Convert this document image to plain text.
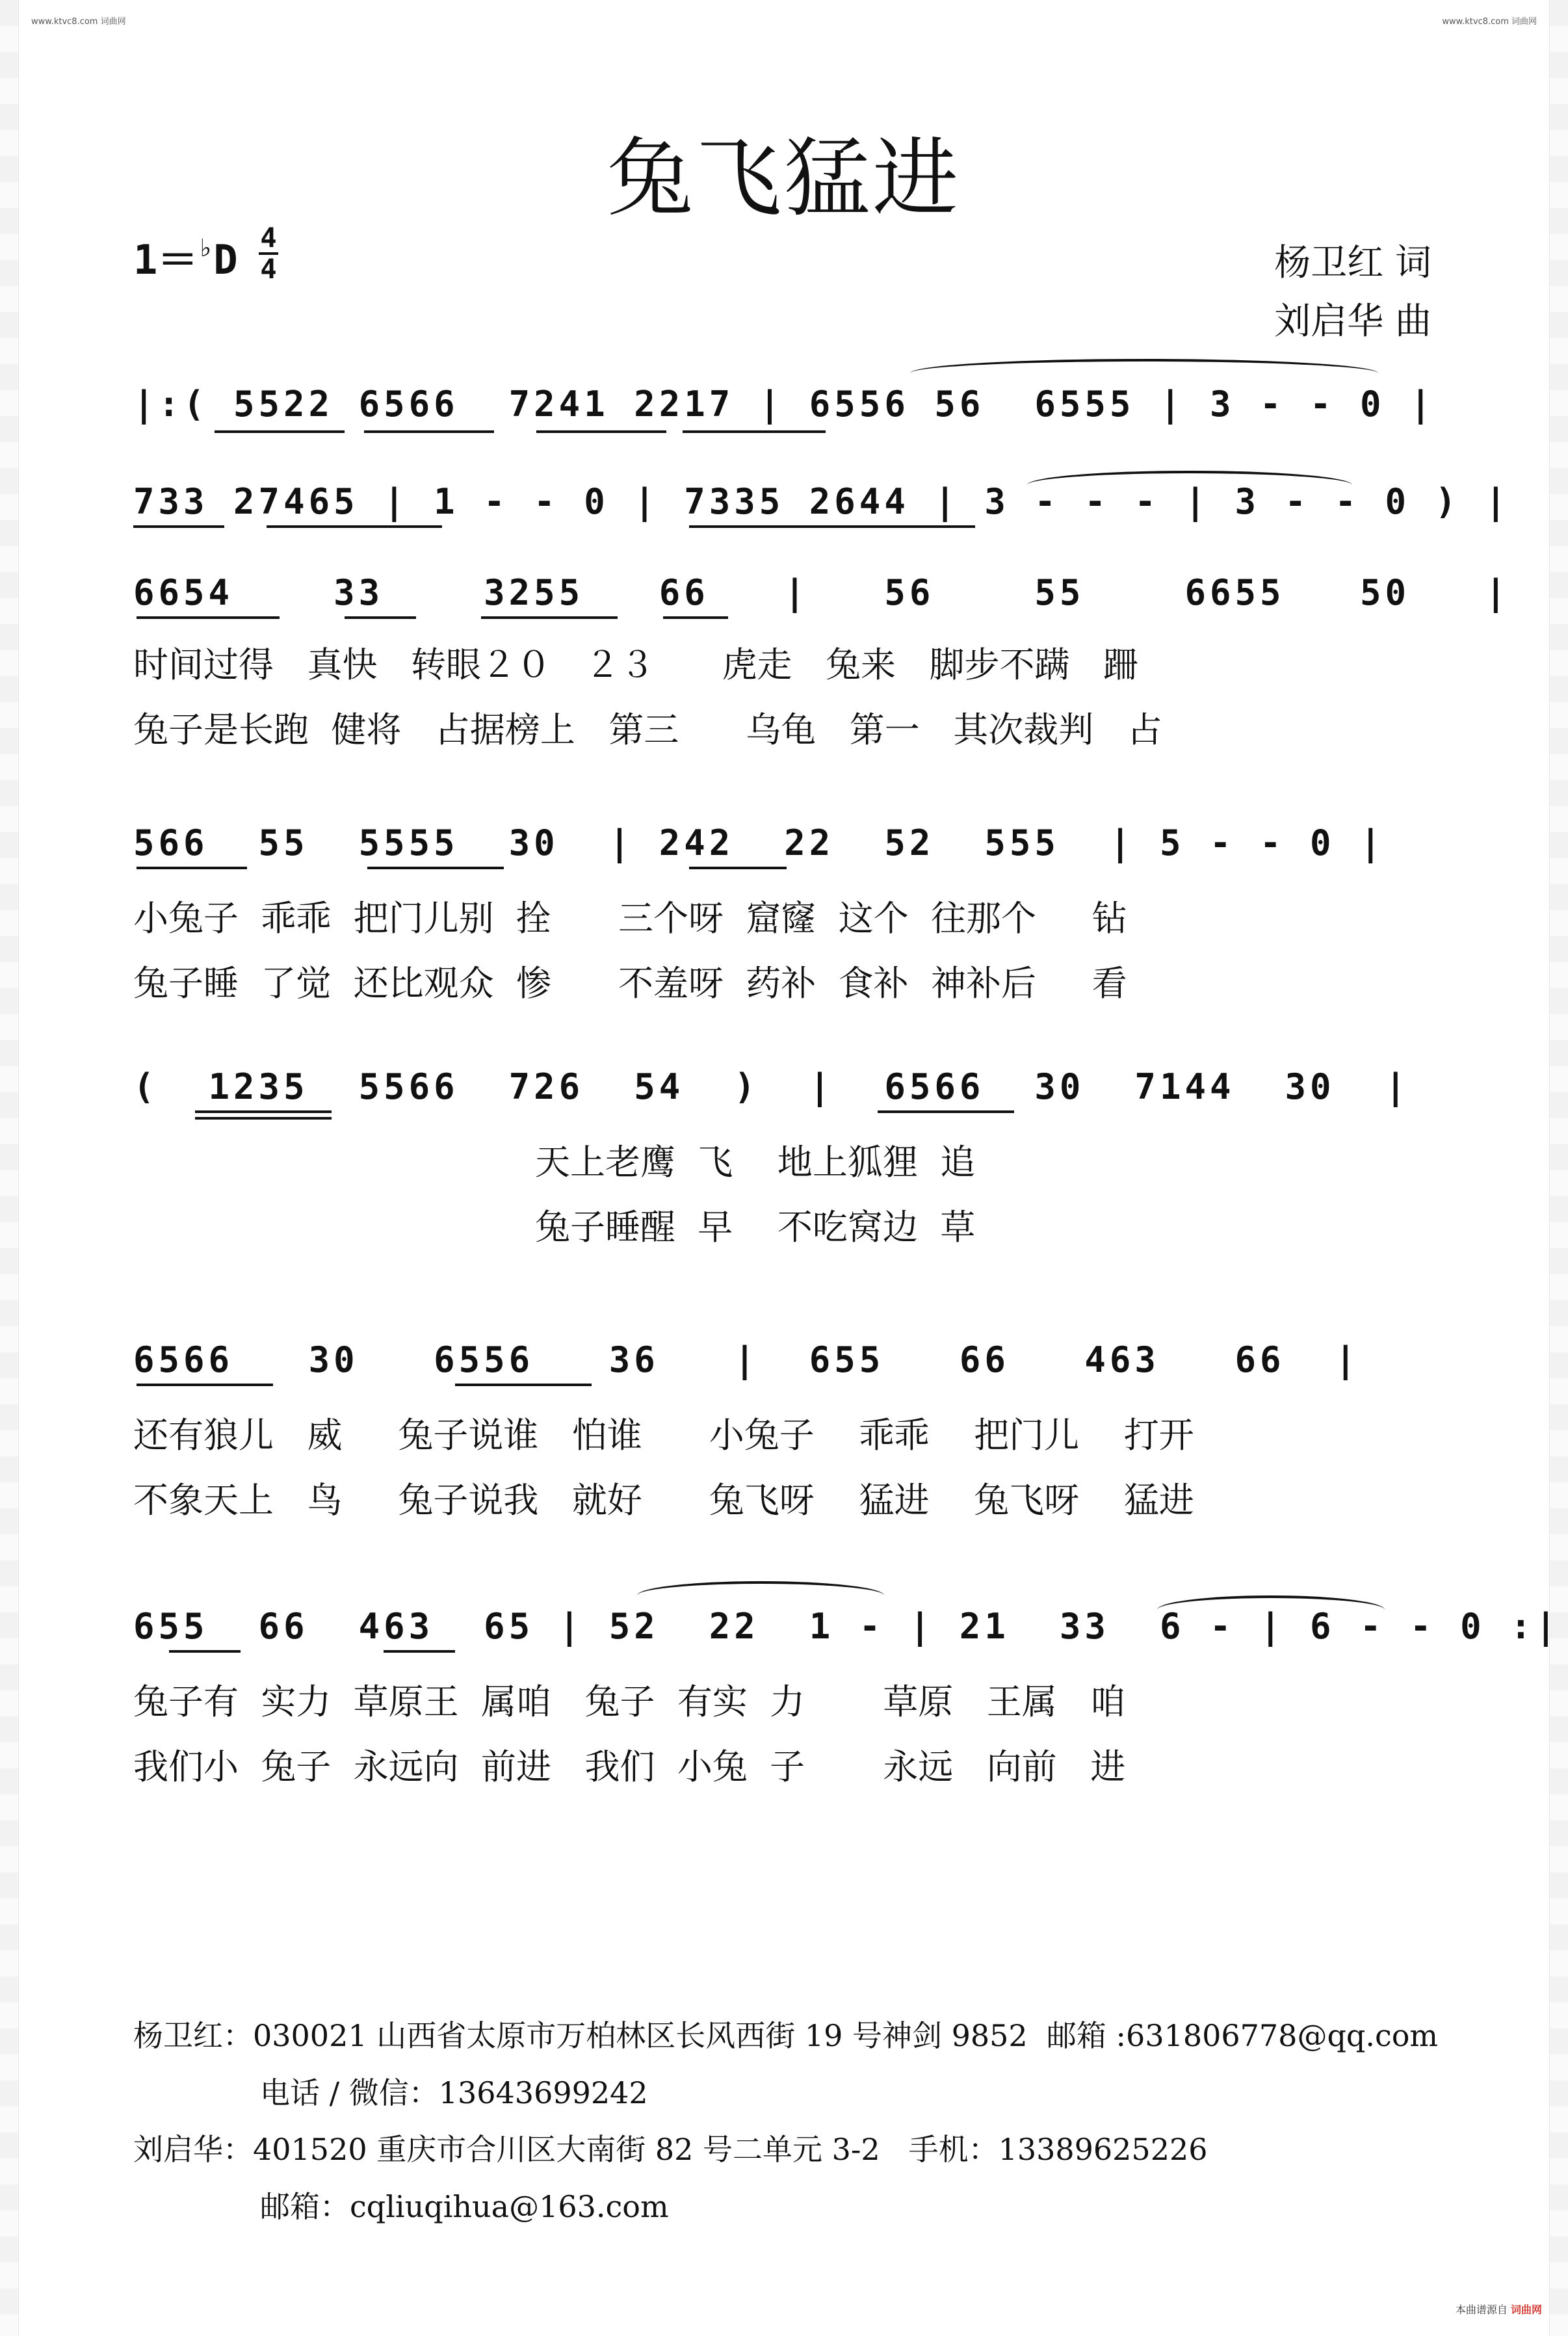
www.ktvc8.com 词曲网	www.ktvc8.com 词曲网
兔飞猛进
1＝♭D 4
4	杨卫红 词
刘启华 曲
|:( 5522 6566  7241 2217 | 6556 56  6555 | 3 - - 0 |
733 27465 | 1 - - 0 | 7335 2644 | 3 - - - | 3 - - 0 ) |
6654    33    3255   66   |   56    55    6655   50   |
时间过得   真快   转眼２０   ２３      虎走   兔来   脚步不蹒   跚
兔子是长跑  健将   占据榜上   第三      乌龟   第一   其次裁判   占
566  55  5555  30  | 242  22  52  555  | 5 - - 0 |
小兔子  乖乖  把门儿别  拴      三个呀  窟窿  这个  往那个     钻
兔子睡  了觉  还比观众  惨      不羞呀  药补  食补  神补后     看
(  1235  5566  726  54  )  |  6566  30  7144  30  |
天上老鹰  飞    地上狐狸  追
兔子睡醒  早    不吃窝边  草
6566   30   6556   36   |  655   66   463   66  |
还有狼儿   威     兔子说谁   怕谁      小兔子    乖乖    把门儿    打开
不象天上   鸟     兔子说我   就好      兔飞呀    猛进    兔飞呀    猛进
655  66  463  65 | 52  22  1 - | 21  33  6 - | 6 - - 0 :|
兔子有  实力  草原王  属咱   兔子  有实  力       草原   王属   咱
我们小  兔子  永远向  前进   我们  小兔  子       永远   向前   进
杨卫红：030021 山西省太原市万柏林区长风西街 19 号神剑 9852  邮箱 :631806778@qq.com
电话 / 微信：13643699242
刘启华：401520 重庆市合川区大南街 82 号二单元 3-2   手机：13389625226
邮箱：cqliuqihua@163.com
本曲谱源自 词曲网
